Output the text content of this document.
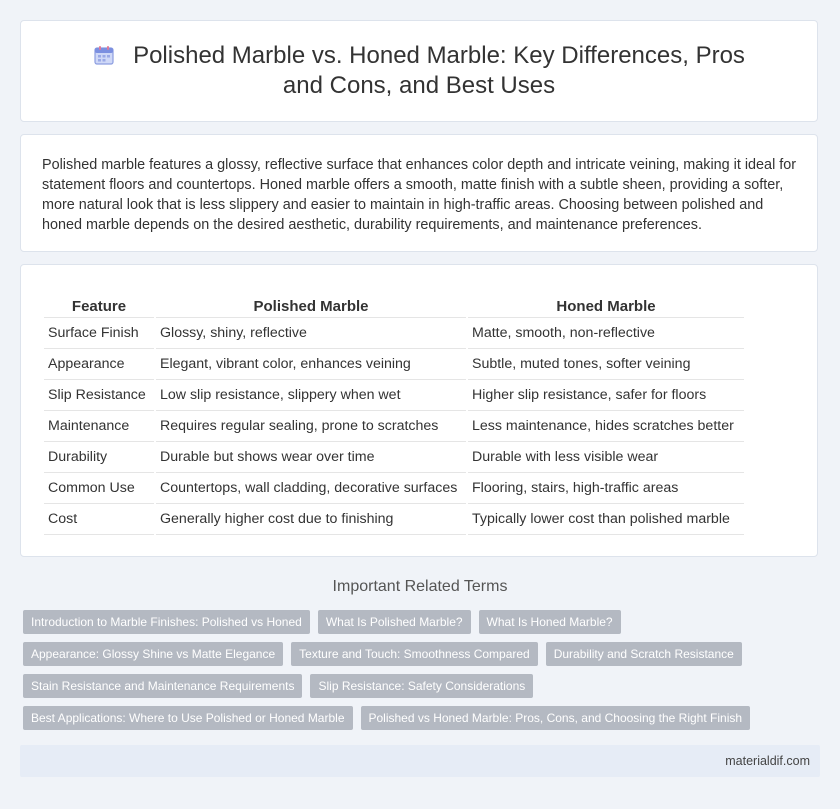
Polished Marble vs. Honed Marble: Key Differences, Pros and Cons, and Best Uses

Polished marble features a glossy, reflective surface that enhances color depth and intricate veining, making it ideal for statement floors and countertops. Honed marble offers a smooth, matte finish with a subtle sheen, providing a softer, more natural look that is less slippery and easier to maintain in high-traffic areas. Choosing between polished and honed marble depends on the desired aesthetic, durability requirements, and maintenance preferences.

Feature	Polished Marble	Honed Marble
Surface Finish	Glossy, shiny, reflective	Matte, smooth, non-reflective
Appearance	Elegant, vibrant color, enhances veining	Subtle, muted tones, softer veining
Slip Resistance	Low slip resistance, slippery when wet	Higher slip resistance, safer for floors
Maintenance	Requires regular sealing, prone to scratches	Less maintenance, hides scratches better
Durability	Durable but shows wear over time	Durable with less visible wear
Common Use	Countertops, wall cladding, decorative surfaces	Flooring, stairs, high-traffic areas
Cost	Generally higher cost due to finishing	Typically lower cost than polished marble
Important Related Terms
Introduction to Marble Finishes: Polished vs Honed	What Is Polished Marble?	What Is Honed Marble?
Appearance: Glossy Shine vs Matte Elegance	Texture and Touch: Smoothness Compared	Durability and Scratch Resistance
Stain Resistance and Maintenance Requirements	Slip Resistance: Safety Considerations
Best Applications: Where to Use Polished or Honed Marble	Polished vs Honed Marble: Pros, Cons, and Choosing the Right Finish
materialdif.com
